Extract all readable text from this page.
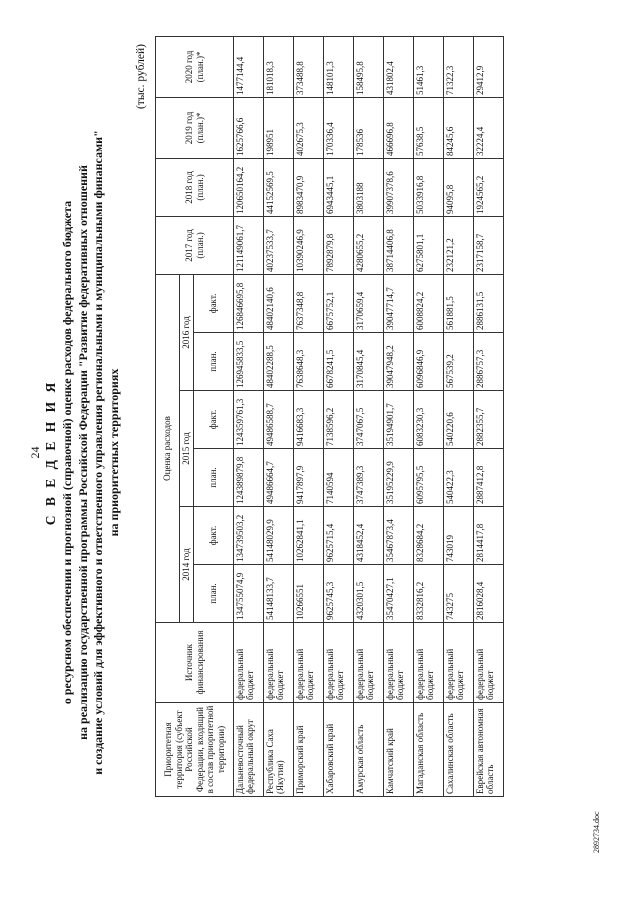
24 С В Е Д Е Н И Я о ресурсном обеспечении и прогнозной (справочной) оценке расходов федерального бюджета на реализацию государственной программы Российской Федерации "Развитие федеративных отношений и создание условий для эффективного и ответственного управления региональными и муниципальными финансами" на приоритетных территориях
(тыс. рублей)
Приоритетная территория (субъект Российской Федерации, входящий в состав приоритетной территории)	Источник финансирования	Оценка расходов						2017 год (план.)	2018 год (план.)	2019 год (план.)*	2020 год (план.)*
		2014 год		2015 год		2016 год					
		план.	факт.	план.	факт.	план.	факт.				
Дальневосточный федеральный округ	федеральный бюджет	134755074,9	134739503,2	124389879,8	124359761,3	126945833,5	126846695,8	121149061,7	120650164,2	1625766,6	1477144,4
Республика Саха (Якутия)	федеральный бюджет	54148133,7	54148029,9	49486664,7	49486588,7	48402288,5	48402140,6	40237533,7	44152569,5	198951	181018,3
Приморский край	федеральный бюджет	10266551	10262841,1	9417897,9	9416683,3	7638648,3	7637348,8	10390246,9	8983470,9	402675,3	373488,8
Хабаровский край	федеральный бюджет	9625745,3	9625715,4	7140594	7138596,2	6678241,5	6675752,1	7892879,8	6943445,1	170336,4	148101,3
Амурская область	федеральный бюджет	4320301,5	4318452,4	3747389,3	3747067,5	3170845,4	3170659,4	4280655,2	3803188	178536	158495,8
Камчатский край	федеральный бюджет	35470427,1	35467873,4	35195229,9	35194901,7	39047948,2	39047714,7	38714406,8	39907378,6	466696,8	431802,4
Магаданская область	федеральный бюджет	8332816,2	8328684,2	6095795,5	6083230,3	6096846,9	6008824,2	6275801,1	5033916,8	57638,5	51461,3
Сахалинская область	федеральный бюджет	743275	743019	540422,3	540220,6	567539,2	561881,5	232121,2	94095,8	84245,6	71322,3
Еврейская автономная область	федеральный бюджет	2816028,4	2814417,8	2887412,8	2882355,7	2886757,3	2886131,5	2317158,7	1924565,2	32224,4	29412,9
2892734.doc
